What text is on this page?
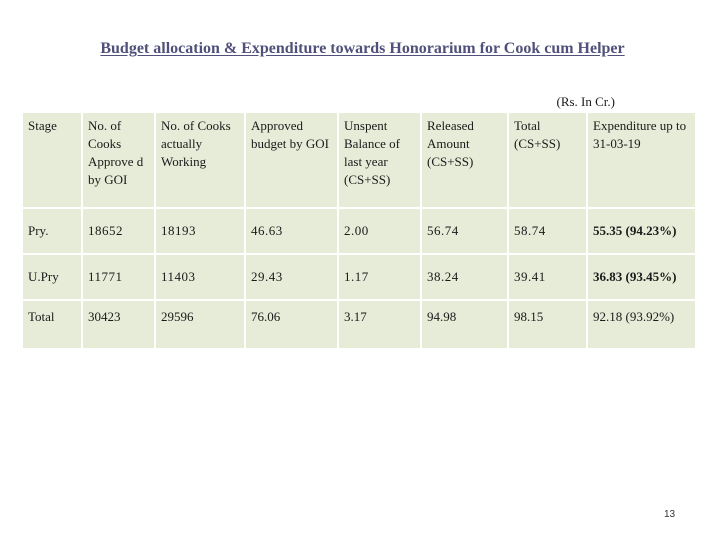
Budget allocation & Expenditure towards Honorarium for Cook cum Helper
(Rs. In Cr.)
Stage	No. of Cooks Approve d by GOI	No. of Cooks actually Working	Approved budget by GOI	Unspent Balance of last year (CS+SS)	Released Amount (CS+SS)	Total (CS+SS)	Expenditure up to 31-03-19
Pry.	18652	18193	46.63	2.00	56.74	58.74	55.35 (94.23%)
U.Pry	11771	11403	29.43	1.17	38.24	39.41	36.83 (93.45%)
Total	30423	29596	76.06	3.17	94.98	98.15	92.18 (93.92%)
13
